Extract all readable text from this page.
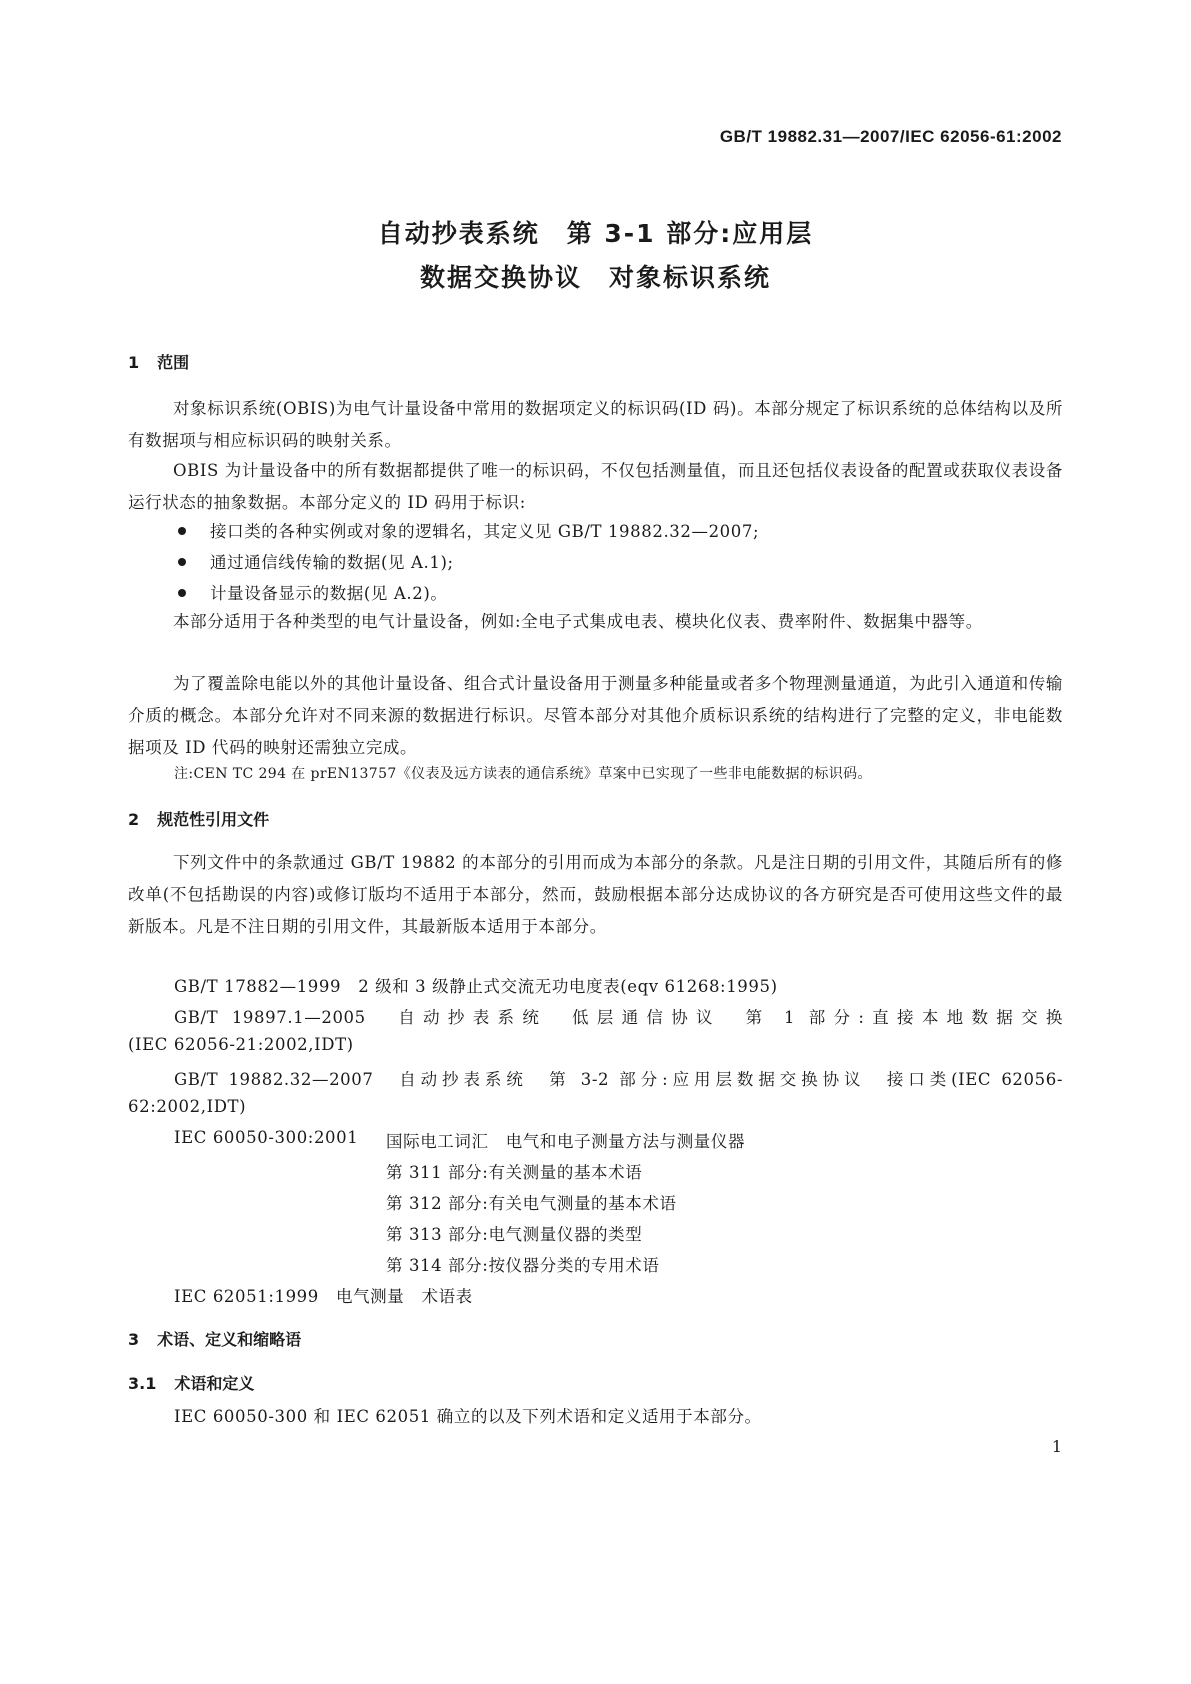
GB/T 19882.31—2007/IEC 62056-61:2002
自动抄表系统　第 3-1 部分:应用层
数据交换协议　对象标识系统
1 范围

对象标识系统(OBIS)为电气计量设备中常用的数据项定义的标识码(ID 码)。本部分规定了标识系统的总体结构以及所有数据项与相应标识码的映射关系。

OBIS 为计量设备中的所有数据都提供了唯一的标识码，不仅包括测量值，而且还包括仪表设备的配置或获取仪表设备运行状态的抽象数据。本部分定义的 ID 码用于标识:

接口类的各种实例或对象的逻辑名，其定义见 GB/T 19882.32—2007;
通过通信线传输的数据(见 A.1);
计量设备显示的数据(见 A.2)。

本部分适用于各种类型的电气计量设备，例如:全电子式集成电表、模块化仪表、费率附件、数据集中器等。

为了覆盖除电能以外的其他计量设备、组合式计量设备用于测量多种能量或者多个物理测量通道，为此引入通道和传输介质的概念。本部分允许对不同来源的数据进行标识。尽管本部分对其他介质标识系统的结构进行了完整的定义，非电能数据项及 ID 代码的映射还需独立完成。

注:CEN TC 294 在 prEN13757《仪表及远方读表的通信系统》草案中已实现了一些非电能数据的标识码。
2 规范性引用文件

下列文件中的条款通过 GB/T 19882 的本部分的引用而成为本部分的条款。凡是注日期的引用文件，其随后所有的修改单(不包括勘误的内容)或修订版均不适用于本部分，然而，鼓励根据本部分达成协议的各方研究是否可使用这些文件的最新版本。凡是不注日期的引用文件，其最新版本适用于本部分。

GB/T 17882—1999　2 级和 3 级静止式交流无功电度表(eqv 61268:1995)
GB/T 19897.1—2005　自动抄表系统　低层通信协议　第 1 部分:直接本地数据交换
(IEC 62056-21:2002,IDT)
GB/T 19882.32—2007　自动抄表系统　第 3-2 部分:应用层数据交换协议　接口类(IEC 62056-
62:2002,IDT)
IEC 60050-300:2001 国际电工词汇　电气和电子测量方法与测量仪器
第 311 部分:有关测量的基本术语
第 312 部分:有关电气测量的基本术语
第 313 部分:电气测量仪器的类型
第 314 部分:按仪器分类的专用术语
IEC 62051:1999　电气测量　术语表
3 术语、定义和缩略语
3.1 术语和定义
IEC 60050-300 和 IEC 62051 确立的以及下列术语和定义适用于本部分。
1
